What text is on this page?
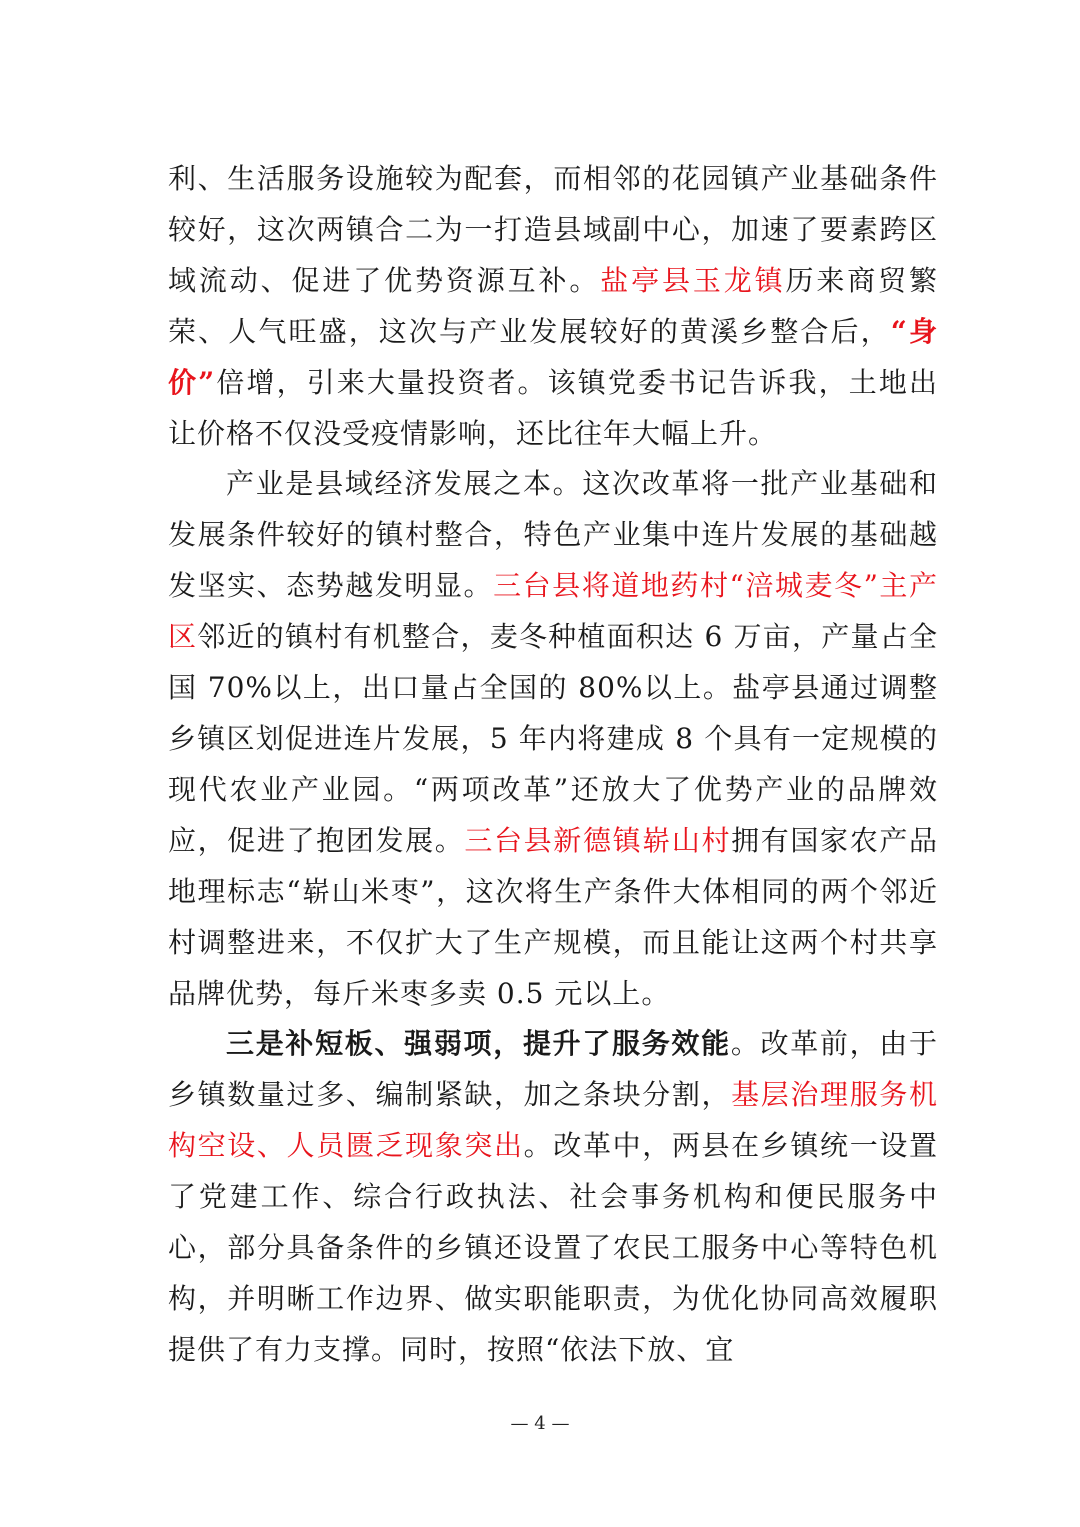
利、生活服务设施较为配套，而相邻的花园镇产业基础条件较好，这次两镇合二为一打造县域副中心，加速了要素跨区域流动、促进了优势资源互补。盐亭县玉龙镇历来商贸繁荣、人气旺盛，这次与产业发展较好的黄溪乡整合后，“身价”倍增，引来大量投资者。该镇党委书记告诉我，土地出让价格不仅没受疫情影响，还比往年大幅上升。

产业是县域经济发展之本。这次改革将一批产业基础和发展条件较好的镇村整合，特色产业集中连片发展的基础越发坚实、态势越发明显。三台县将道地药村“涪城麦冬”主产区邻近的镇村有机整合，麦冬种植面积达 6 万亩，产量占全国 70%以上，出口量占全国的 80%以上。盐亭县通过调整乡镇区划促进连片发展，5 年内将建成 8 个具有一定规模的现代农业产业园。“两项改革”还放大了优势产业的品牌效应，促进了抱团发展。三台县新德镇崭山村拥有国家农产品地理标志“崭山米枣”，这次将生产条件大体相同的两个邻近村调整进来，不仅扩大了生产规模，而且能让这两个村共享品牌优势，每斤米枣多卖 0.5 元以上。

三是补短板、强弱项，提升了服务效能。改革前，由于乡镇数量过多、编制紧缺，加之条块分割，基层治理服务机构空设、人员匮乏现象突出。改革中，两县在乡镇统一设置了党建工作、综合行政执法、社会事务机构和便民服务中心，部分具备条件的乡镇还设置了农民工服务中心等特色机构，并明晰工作边界、做实职能职责，为优化协同高效履职提供了有力支撑。同时，按照“依法下放、宜

— 4 —
